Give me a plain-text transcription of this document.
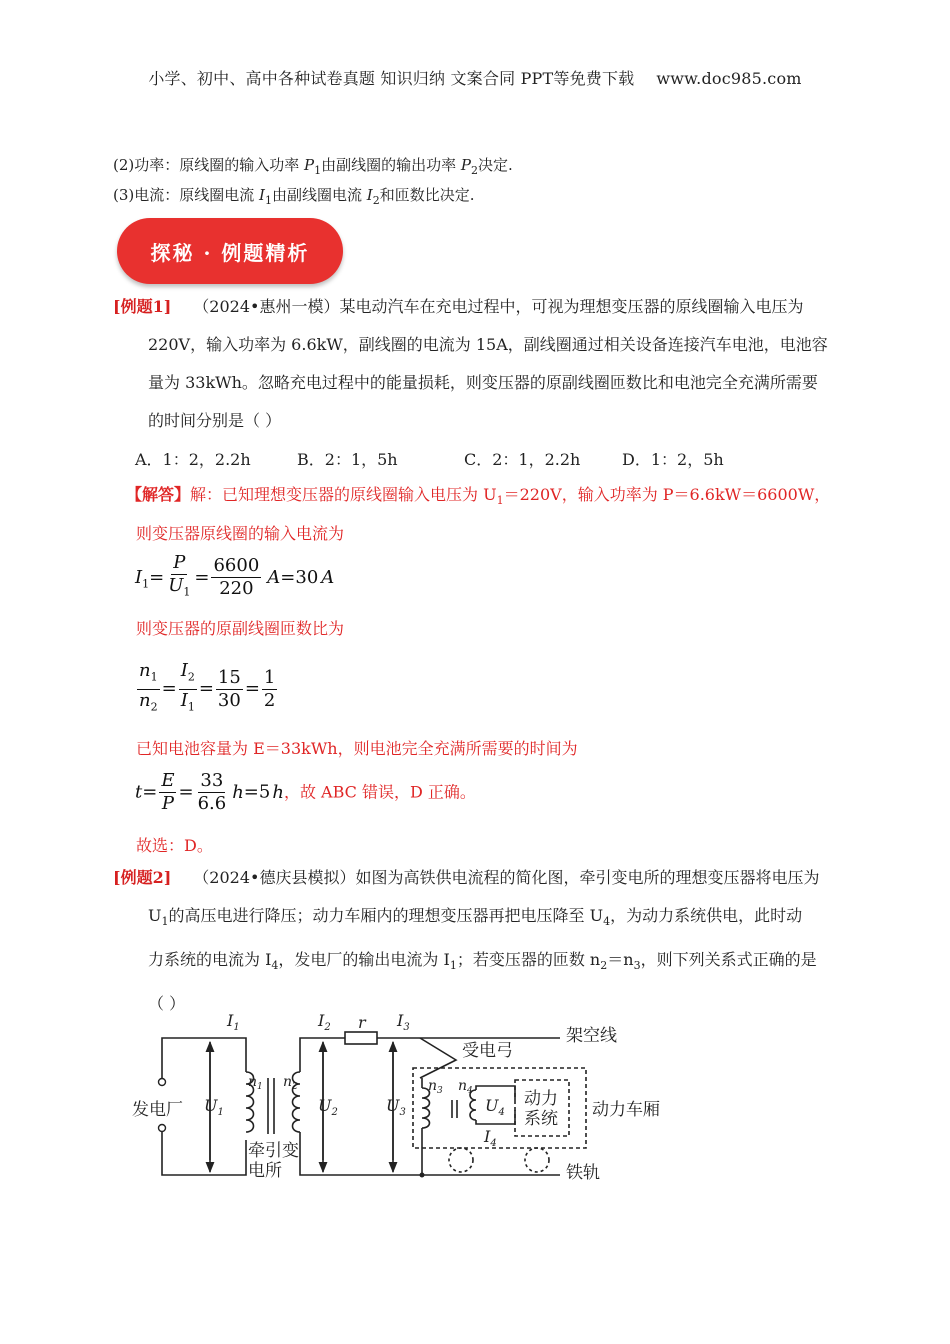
小学、初中、高中各种试卷真题 知识归纳 文案合同 PPT等免费下载 www.doc985.com
(2)功率：原线圈的输入功率 $P_1$由副线圈的输出功率 $P_2$决定.
(3)电流：原线圈电流 $I_1$由副线圈电流 $I_2$和匝数比决定.
探秘 · 例题精析
[例题1] （2024•惠州一模）某电动汽车在充电过程中，可视为理想变压器的原线圈输入电压为
220V，输入功率为 6.6kW，副线圈的电流为 15A，副线圈通过相关设备连接汽车电池，电池容
量为 33kWh。忽略充电过程中的能量损耗，则变压器的原副线圈匝数比和电池完全充满所需要
的时间分别是（ ）
A．1：2，2.2h	B．2：1，5h	C．2：1，2.2h	D．1：2，5h
【解答】解：已知理想变压器的原线圈输入电压为 $U_1=220V$，输入功率为 P＝6.6kW＝6600W，
则变压器原线圈的输入电流为
$I_1= \frac{P}{U_1} = \frac{6600}{220} A=30$ A
则变压器的原副线圈匝数比为
$\frac{n_1}{n_2} = \frac{I_2}{I_1} = \frac{15}{30} = \frac{1}{2}$
已知电池容量为 E＝33kWh，则电池完全充满所需要的时间为
$t= \frac{E}{P} = \frac{33}{6.6} h=5$ h，故 ABC 错误，D 正确。
故选：D。
[例题2] （2024•德庆县模拟）如图为高铁供电流程的简化图，牵引变电所的理想变压器将电压为
$U_1$的高压电进行降压；动力车厢内的理想变压器再把电压降至 $U_4$，为动力系统供电，此时动
力系统的电流为 $I_4$，发电厂的输出电流为 $I_1$；若变压器的匝数 $n_2=n_3$，则下列关系式正确的是
（ ）
发电厂
牵引变
电所
架空线
受电弓
动力车厢
动力
系统
铁轨
r
$I_1$	$I_2$	$I_3$
$I_4$
$U_1$	$U_2$	$U_3$	$U_4$
$n_1$ $n_2$	$n_3$ $n_4$
